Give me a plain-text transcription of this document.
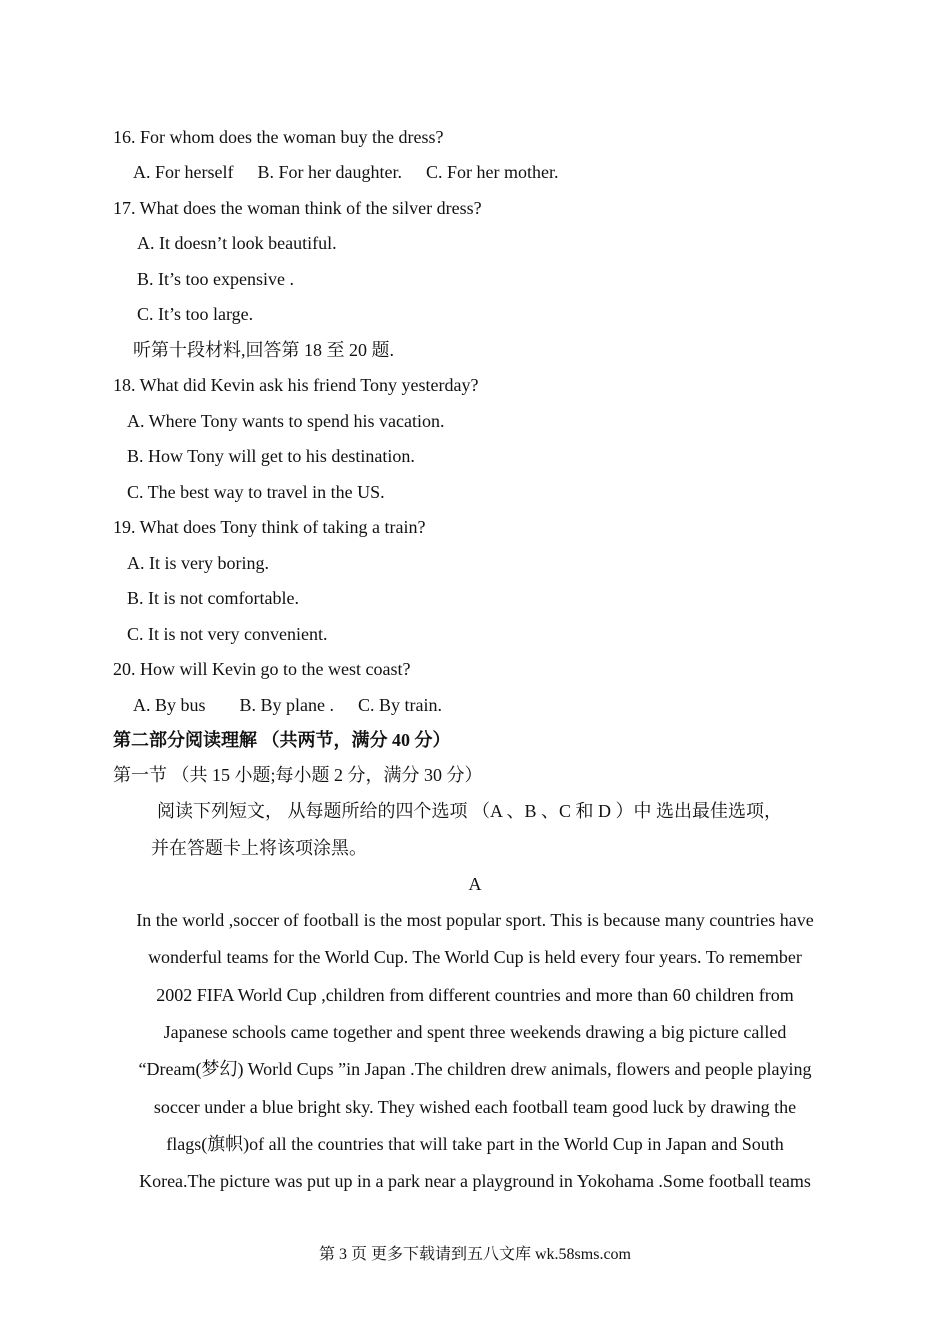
16. For whom does the woman buy the dress?
A. For herself B. For her daughter. C. For her mother.
17. What does the woman think of the silver dress?
A. It doesn’t look beautiful.
B. It’s too expensive .
C. It’s too large.
听第十段材料,回答第 18 至 20 题.
18. What did Kevin ask his friend Tony yesterday?
A. Where Tony wants to spend his vacation.
B. How Tony will get to his destination.
C. The best way to travel in the US.
19. What does Tony think of taking a train?
A. It is very boring.
B. It is not comfortable.
C. It is not very convenient.
20. How will Kevin go to the west coast?
A. By bus B. By plane . C. By train.
第二部分阅读理解 （共两节，满分 40 分）
第一节 （共 15 小题;每小题 2 分，满分 30 分）
阅读下列短文， 从每题所给的四个选项 （A 、B 、C 和 D ）中 选出最佳选项，
并在答题卡上将该项涂黑。
A
In the world ,soccer of football is the most popular sport. This is because many countries have
wonderful teams for the World Cup. The World Cup is held every four years. To remember
2002 FIFA World Cup ,children from different countries and more than 60 children from
Japanese schools came together and spent three weekends drawing a big picture called
“Dream(梦幻) World Cups ”in Japan .The children drew animals, flowers and people playing
soccer under a blue bright sky. They wished each football team good luck by drawing the
flags(旗帜)of all the countries that will take part in the World Cup in Japan and South
Korea.The picture was put up in a park near a playground in Yokohama .Some football teams
第 3 页 更多下载请到五八文库 wk.58sms.com
